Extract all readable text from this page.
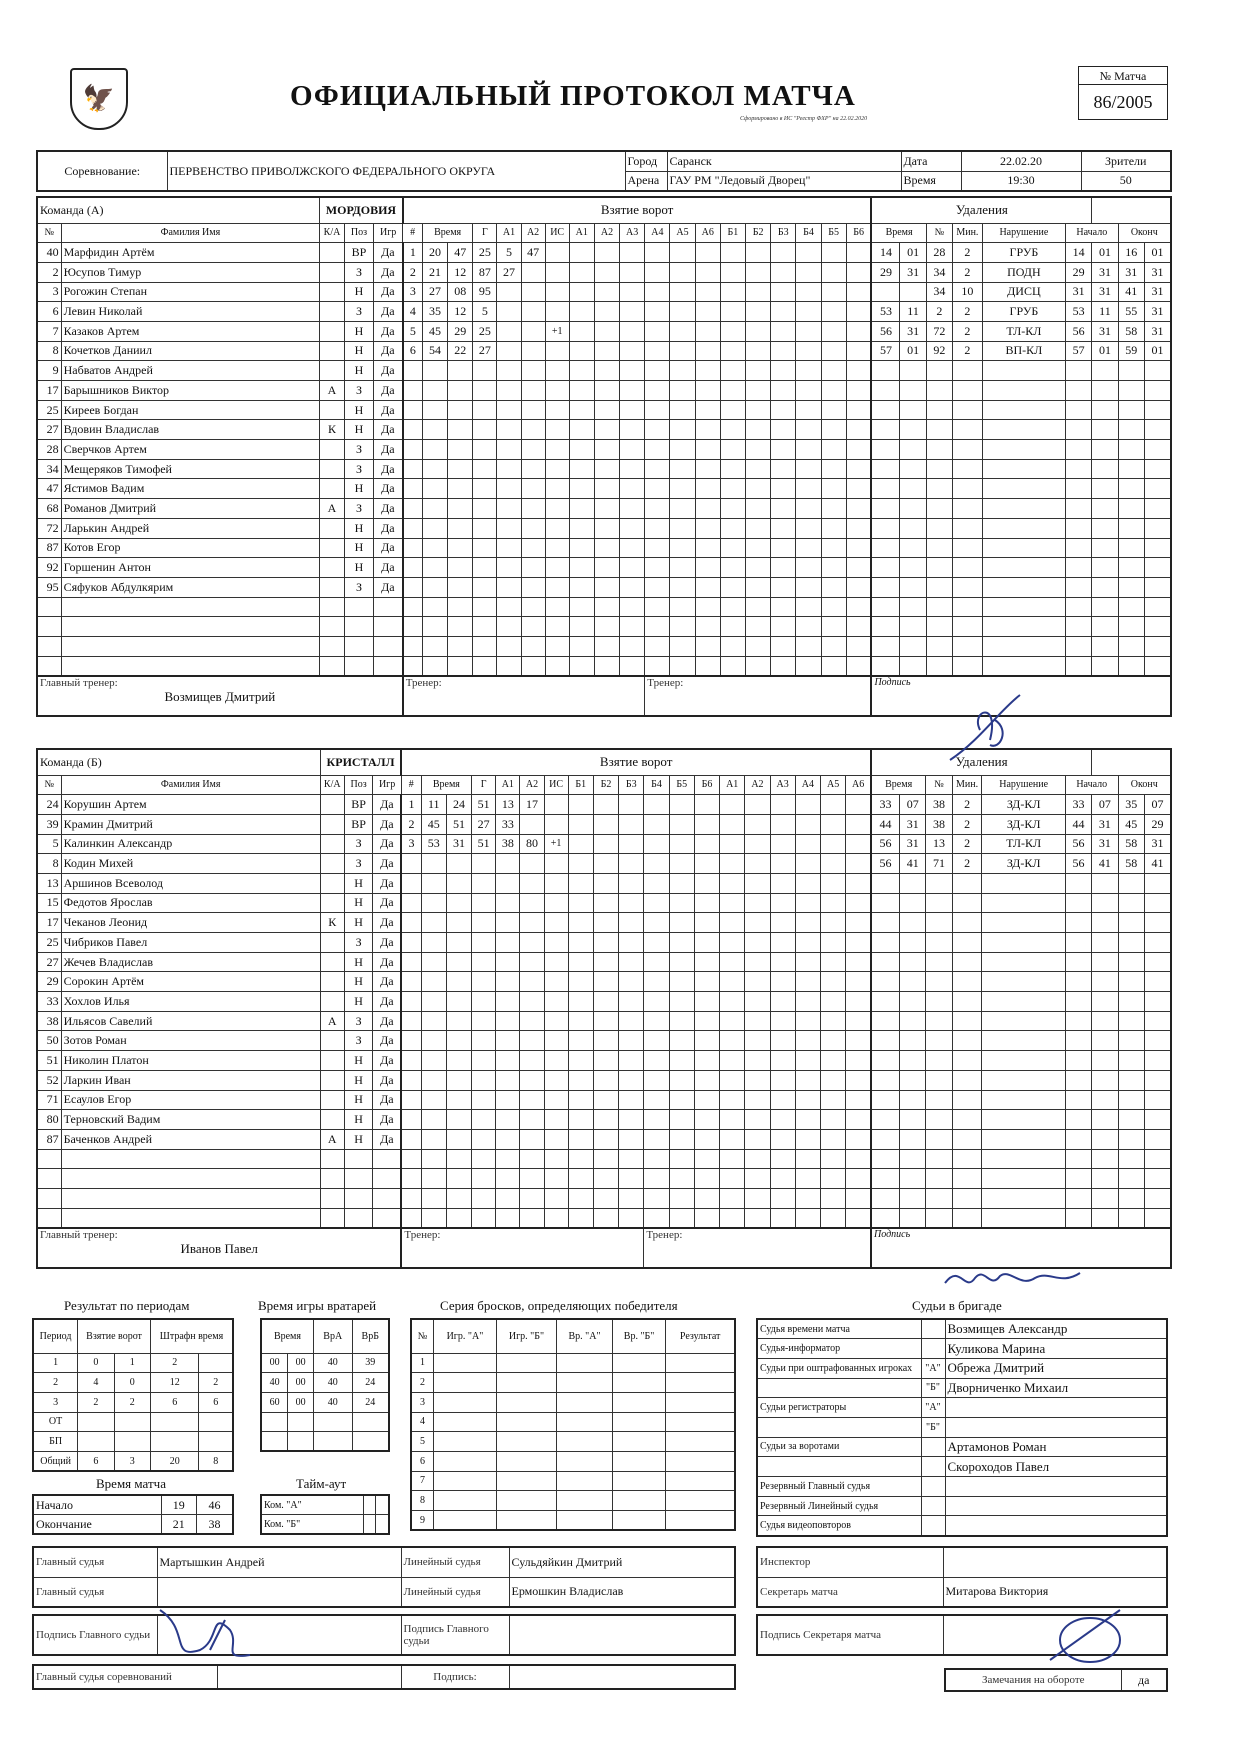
🦅	ОФИЦИАЛЬНЫЙ ПРОТОКОЛ МАТЧА
Сформировано в ИС "Реестр ФХР" на 22.02.2020
№ Матча
86/2005
Соревнование:	ПЕРВЕНСТВО ПРИВОЛЖСКОГО ФЕДЕРАЛЬНОГО ОКРУГА	Город	Саранск	Дата	22.02.20	Зрители
		Арена	ГАУ РМ "Ледовый Дворец"	Время	19:30	50
Команда (А)		МОРДОВИЯ			Взятие ворот																			Удаления								
№	Фамилия Имя	К/А	Поз	Игр	#	Время		Г	А1	А2	ИС	А1	А2	А3	А4	А5	А6	Б1	Б2	Б3	Б4	Б5	Б6	Время		№	Мин.	Нарушение	Начало		Оконч	
40	Марфидин Артём		ВР	Да	1	20	47	25	5	47														14	01	28	2	ГРУБ	14	01	16	01
2	Юсупов Тимур		З	Да	2	21	12	87	27															29	31	34	2	ПОДН	29	31	31	31
3	Рогожин Степан		Н	Да	3	27	08	95																		34	10	ДИСЦ	31	31	41	31
6	Левин Николай		З	Да	4	35	12	5																53	11	2	2	ГРУБ	53	11	55	31
7	Казаков Артем		Н	Да	5	45	29	25			+1													56	31	72	2	ТЛ-КЛ	56	31	58	31
8	Кочетков Даниил		Н	Да	6	54	22	27																57	01	92	2	ВП-КЛ	57	01	59	01
9	Набватов Андрей		Н	Да																												
17	Барышников Виктор	А	З	Да																												
25	Киреев Богдан		Н	Да																												
27	Вдовин Владислав	К	Н	Да																												
28	Сверчков Артем		З	Да																												
34	Мещеряков Тимофей		З	Да																												
47	Ястимов Вадим		Н	Да																												
68	Романов Дмитрий	А	З	Да																												
72	Ларькин Андрей		Н	Да																												
87	Котов Егор		Н	Да																												
92	Горшенин Антон		Н	Да																												
95	Сяфуков Абдулкярим		З	Да																												

Главный тренер:
Возмищев Дмитрий					Тренер:										Тренер:									Подпись								
Команда (Б)		КРИСТАЛЛ			Взятие ворот																			Удаления								
№	Фамилия Имя	К/А	Поз	Игр	#	Время		Г	А1	А2	ИС	Б1	Б2	Б3	Б4	Б5	Б6	А1	А2	А3	А4	А5	А6	Время		№	Мин.	Нарушение	Начало		Оконч	
24	Корушин Артем		ВР	Да	1	11	24	51	13	17														33	07	38	2	ЗД-КЛ	33	07	35	07
39	Крамин Дмитрий		ВР	Да	2	45	51	27	33															44	31	38	2	ЗД-КЛ	44	31	45	29
5	Калинкин Александр		З	Да	3	53	31	51	38	80	+1													56	31	13	2	ТЛ-КЛ	56	31	58	31
8	Кодин Михей		З	Да																				56	41	71	2	ЗД-КЛ	56	41	58	41
13	Аршинов Всеволод		Н	Да																												
15	Федотов Ярослав		Н	Да																												
17	Чеканов Леонид	К	Н	Да																												
25	Чибриков Павел		З	Да																												
27	Жечев Владислав		Н	Да																												
29	Сорокин Артём		Н	Да																												
33	Хохлов Илья		Н	Да																												
38	Ильясов Савелий	А	З	Да																												
50	Зотов Роман		З	Да																												
51	Николин Платон		Н	Да																												
52	Ларкин Иван		Н	Да																												
71	Есаулов Егор		Н	Да																												
80	Терновский Вадим		Н	Да																												
87	Баченков Андрей	А	Н	Да																												

Главный тренер:
Иванов Павел					Тренер:										Тренер:									Подпись								
Результат по периодам
Период	Взятие ворот		Штрафн время	
1	0	1	2	
2	4	0	12	2
3	2	2	6	6
ОТ				
БП				
Общий	6	3	20	8
Время игры вратарей
Время		ВрА	ВрБ
00	00	40	39
40	00	40	24
60	00	40	24

Серия бросков, определяющих победителя
№	Игр. "А"	Игр. "Б"	Вр. "А"	Вр. "Б"	Результат
1					
2					
3					
4					
5					
6					
7					
8					
9					
Время матча
Начало	19	46
Окончание	21	38
Тайм-аут
Ком. "А"		
Ком. "Б"		
Судьи в бригаде
Судья времени матча		Возмищев Александр
Судья-информатор		Куликова Марина
Судьи при оштрафованных игроках	"А"	Обрежа Дмитрий
	"Б"	Дворниченко Михаил
Судьи регистраторы	"А"	
	"Б"	
Судьи за воротами		Артамонов Роман
		Скороходов Павел
Резервный Главный судья		
Резервный Линейный судья		
Судья видеоповторов		
Главный судья	Мартышкин Андрей	Линейный судья	Сульдяйкин Дмитрий
Главный судья		Линейный судья	Ермошкин Владислав
Подпись Главного судьи		Подпись Главного судьи	
Главный судья соревнований		Подпись:	
Инспектор	
Секретарь матча	Митарова Виктория
Подпись Секретаря матча	
Замечания на обороте	да
